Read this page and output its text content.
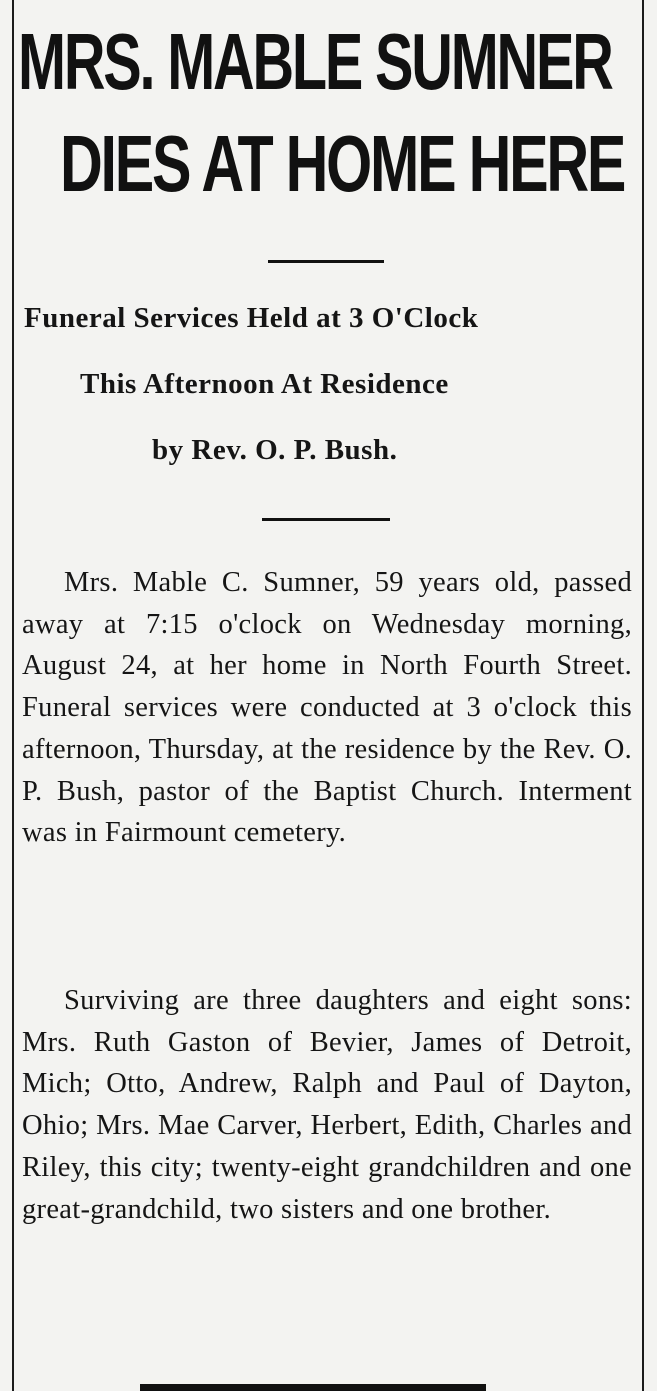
MRS. MABLE SUMNER
DIES AT HOME HERE

Funeral Services Held at 3 O'Clock

This Afternoon At Residence

by Rev. O. P. Bush.

Mrs. Mable C. Sumner, 59 years old, passed away at 7:15 o'clock on Wednesday morning, August 24, at her home in North Fourth Street. Funeral services were conducted at 3 o'clock this afternoon, Thursday, at the residence by the Rev. O. P. Bush, pastor of the Baptist Church. Interment was in Fairmount cemetery.

Surviving are three daughters and eight sons: Mrs. Ruth Gaston of Bevier, James of Detroit, Mich; Otto, Andrew, Ralph and Paul of Dayton, Ohio; Mrs. Mae Carver, Herbert, Edith, Charles and Riley, this city; twenty-eight grandchildren and one great-grandchild, two sisters and one brother.
